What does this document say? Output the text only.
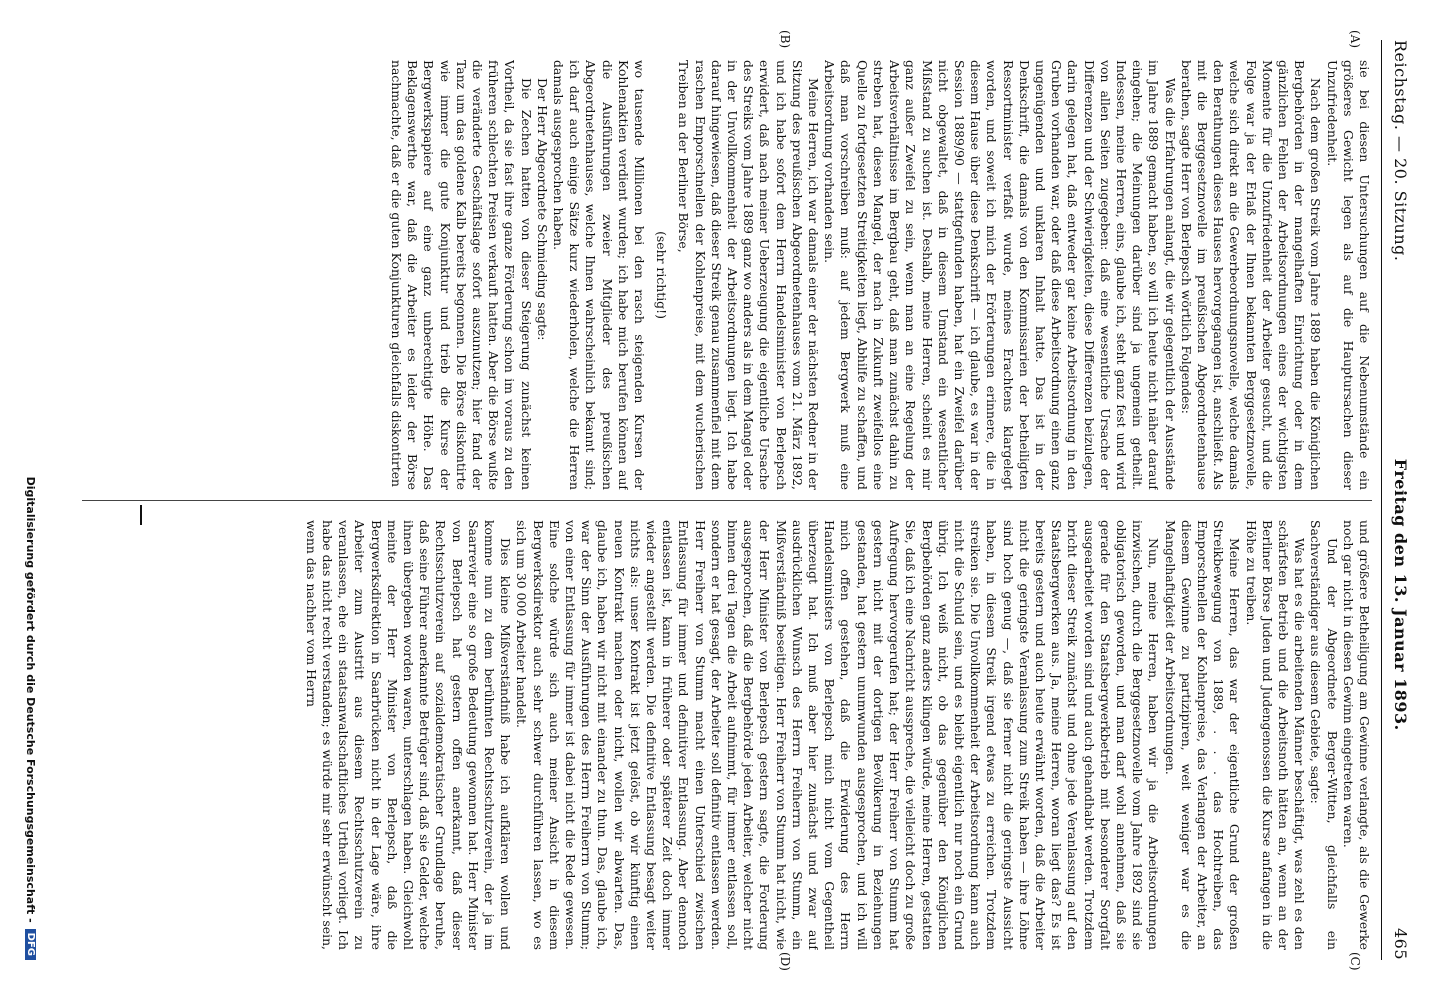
Reichstag. — 20. Sitzung.
Freitag den 13. Januar 1893.
465
(A)
(B)
(C)
(D)

sie bei diesen Untersuchungen auf die Nebenumstände ein größeres Gewicht legen als auf die Hauptursachen dieser Unzufriedenheit.

Nach dem großen Streik vom Jahre 1889 haben die Königlichen Bergbehörden in der mangelhaften Einrichtung oder in dem gänzlichen Fehlen der Arbeitsordnungen eines der wichtigsten Momente für die Unzufriedenheit der Arbeiter gesucht, und die Folge war ja der Erlaß der Ihnen bekannten Berggesetznovelle, welche sich direkt an die Gewerbeordnungsnovelle, welche damals den Berathungen dieses Hauses hervorgegangen ist, anschließt. Als mit die Berggesetznovelle im preußischen Abgeordnetenhause berathen, sagte Herr von Berlepsch wörtlich Folgendes:

Was die Erfahrungen anlangt, die wir gelegentlich der Ausstände im Jahre 1889 gemacht haben, so will ich heute nicht näher darauf eingehen; die Meinungen darüber sind ja ungemein getheilt. Indessen, meine Herren, eins, glaube ich, steht ganz fest und wird von allen Seiten zugegeben: daß eine wesentliche Ursache der Differenzen und der Schwierigkeiten, diese Differenzen beizulegen, darin gelegen hat, daß entweder gar keine Arbeitsordnung in den Gruben vorhanden war, oder daß diese Arbeitsordnung einen ganz ungenügenden und unklaren Inhalt hatte. Das ist in der Denkschrift, die damals von den Kommissarien der betheiligten Ressortminister verfaßt wurde, meines Erachtens klargelegt worden, und soweit ich mich der Erörterungen erinnere, die in diesem Hause über diese Denkschrift — ich glaube, es war in der Session 1889/90 — stattgefunden haben, hat ein Zweifel darüber nicht obgewaltet, daß in diesem Umstand ein wesentlicher Mißstand zu suchen ist. Deshalb, meine Herren, scheint es mir ganz außer Zweifel zu sein, wenn man an eine Regelung der Arbeitsverhältnisse im Bergbau geht, daß man zunächst dahin zu streben hat, diesen Mangel, der nach in Zukunft zweifellos eine Quelle zu fortgesetzten Streitigkeiten liegt, Abhilfe zu schaffen, und daß man vorschreiben muß: auf jedem Bergwerk muß eine Arbeitsordnung vorhanden sein.

Meine Herren, ich war damals einer der nächsten Redner in der Sitzung des preußischen Abgeordnetenhauses vom 21. März 1892, und ich habe sofort dem Herrn Handelsminister von Berlepsch erwidert, daß nach meiner Ueberzeugung die eigentliche Ursache des Streiks vom Jahre 1889 ganz wo anders als in dem Mangel oder in der Unvollkommenheit der Arbeitsordnungen liegt. Ich habe darauf hingewiesen, daß dieser Streik genau zusammenfiel mit dem raschen Emporschnellen der Kohlenpreise, mit dem wucherischen Treiben an der Berliner Börse,

(sehr richtig!)

wo tausende Millionen bei den rasch steigenden Kursen der Kohlenaktien verdient wurden; ich habe mich berufen können auf die Ausführungen zweier Mitglieder des preußischen Abgeordnetenhauses, welche Ihnen wahrscheinlich bekannt sind; ich darf auch einige Sätze kurz wiederholen, welche die Herren damals ausgesprochen haben.

Der Herr Abgeordnete Schmieding sagte:

Die Zechen hatten von dieser Steigerung zunächst keinen Vortheil, da sie fast ihre ganze Förderung schon im voraus zu den früheren schlechten Preisen verkauft hatten. Aber die Börse wußte die veränderte Geschäftslage sofort auszunutzen; hier fand der Tanz um das goldene Kalb bereits begonnen. Die Börse diskontirte wie immer die gute Konjunktur und trieb die Kurse der Bergwerkspapiere auf eine ganz unberechtigte Höhe. Das Beklagenswerthe war, daß die Arbeiter es leider der Börse nachmachte, daß er die guten Konjunkturen gleichfalls diskontirten

und größere Betheiligung am Gewinne verlangte, als die Gewerke noch gar nicht in diesen Gewinn eingetreten waren.

Und der Abgeordnete Berger-Witten, gleichfalls ein Sachverständiger aus diesem Gebiete, sagte:

Was hat es die arbeitenden Männer beschäftigt, was zehl es den schärfsten Betrieb und die Arbeitsnoth hätten an, wenn an der Berliner Börse Juden und Judengenossen die Kurse anfangen in die Höhe zu treiben.

Meine Herren, das war der eigentliche Grund der großen Streikbewegung von 1889, . . . das Hochtreiben, das Emporschnellen der Kohlenpreise, das Verlangen der Arbeiter, an diesem Gewinne zu partizipiren, weit weniger war es die Mangelhaftigkeit der Arbeitsordnungen.

Nun, meine Herren, haben wir ja die Arbeitsordnungen inzwischen, durch die Berggesetznovelle vom Jahre 1892 sind sie obligatorisch geworden, und man darf wohl annehmen, daß sie gerade für den Staatsbergwerkbetrieb mit besonderer Sorgfalt ausgearbeitet worden sind und auch gehandhabt werden. Trotzdem bricht dieser Streik zunächst und ohne jede Veranlassung auf den Staatsbergwerken aus. Ja, meine Herren, woran liegt das? Es ist bereits gestern und auch heute erwähnt worden, daß die Arbeiter nicht die geringste Veranlassung zum Streik haben — ihre Löhne sind hoch genug —, daß sie ferner nicht die geringste Aussicht haben, in diesem Streik irgend etwas zu erreichen. Trotzdem streiken sie. Die Unvollkommenheit der Arbeitsordnung kann auch nicht die Schuld sein, und es bleibt eigentlich nur noch ein Grund übrig. Ich weiß nicht, ob das gegenüber den Königlichen Bergbehörden ganz anders klingen würde, meine Herren, gestatten Sie, daß ich eine Nachricht ausspreche, die vielleicht doch zu große Aufregung hervorgerufen hat; der Herr Freiherr von Stumm hat gestern nicht mit der dortigen Bevölkerung in Beziehungen gestanden, hat gestern unumwunden ausgesprochen, und ich will mich offen gestehen, daß die Erwiderung des Herrn Handelsministers von Berlepsch mich nicht vom Gegentheil überzeugt hat. Ich muß aber hier zunächst und zwar auf ausdrücklichen Wunsch des Herrn Freiherrn von Stumm, ein Mißverständniß beseitigen. Herr Freiherr von Stumm hat nicht, wie der Herr Minister von Berlepsch gestern sagte, die Forderung ausgesprochen, daß die Bergbehörde jeden Arbeiter, welcher nicht binnen drei Tagen die Arbeit aufnimmt, für immer entlassen soll, sondern er hat gesagt, der Arbeiter soll definitiv entlassen werden. Herr Freiherr von Stumm macht einen Unterschied zwischen Entlassung für immer und definitiver Entlassung. Aber dennoch entlassen ist, kann in früherer oder späterer Zeit doch immer wieder angestellt werden. Die definitive Entlassung besagt weiter nichts als: unser Kontrakt ist jetzt gelöst, ob wir künftig einen neuen Kontrakt machen oder nicht, wollen wir abwarten. Das, glaube ich, haben wir nicht mit einander zu thun. Das, glaube ich, war der Sinn der Ausführungen des Herrn Freiherrn von Stumm; von einer Entlassung für immer ist dabei nicht die Rede gewesen. Eine solche würde sich auch meiner Ansicht in diesem Bergwerksdirektor auch sehr schwer durchführen lassen, wo es sich um 30 000 Arbeiter handelt.

Dies kleine Mißverständniß habe ich aufklären wollen und komme nun zu dem berühmten Rechtsschutzverein, der ja im Saarrevier eine so große Bedeutung gewonnen hat. Herr Minister von Berlepsch hat gestern offen anerkannt, daß dieser Rechtsschutzverein auf sozialdemokratischer Grundlage beruhe, daß seine Führer anerkannte Betrüger sind, daß sie Gelder, welche ihnen übergeben worden waren, unterschlagen haben. Gleichwohl meinte der Herr Minister von Berlepsch, daß die Bergwerksdirektion in Saarbrücken nicht in der Lage wäre, ihre Arbeiter zum Austritt aus diesem Rechtsschutzverein zu veranlassen, ehe ein staatsanwaltschaftliches Urtheil vorliegt. Ich habe das nicht recht verstanden; es würde mir sehr erwünscht sein, wenn das nachher vom Herrn

Digitalisierung gefördert durch die Deutsche Forschungsgemeinschaft -
DFG
